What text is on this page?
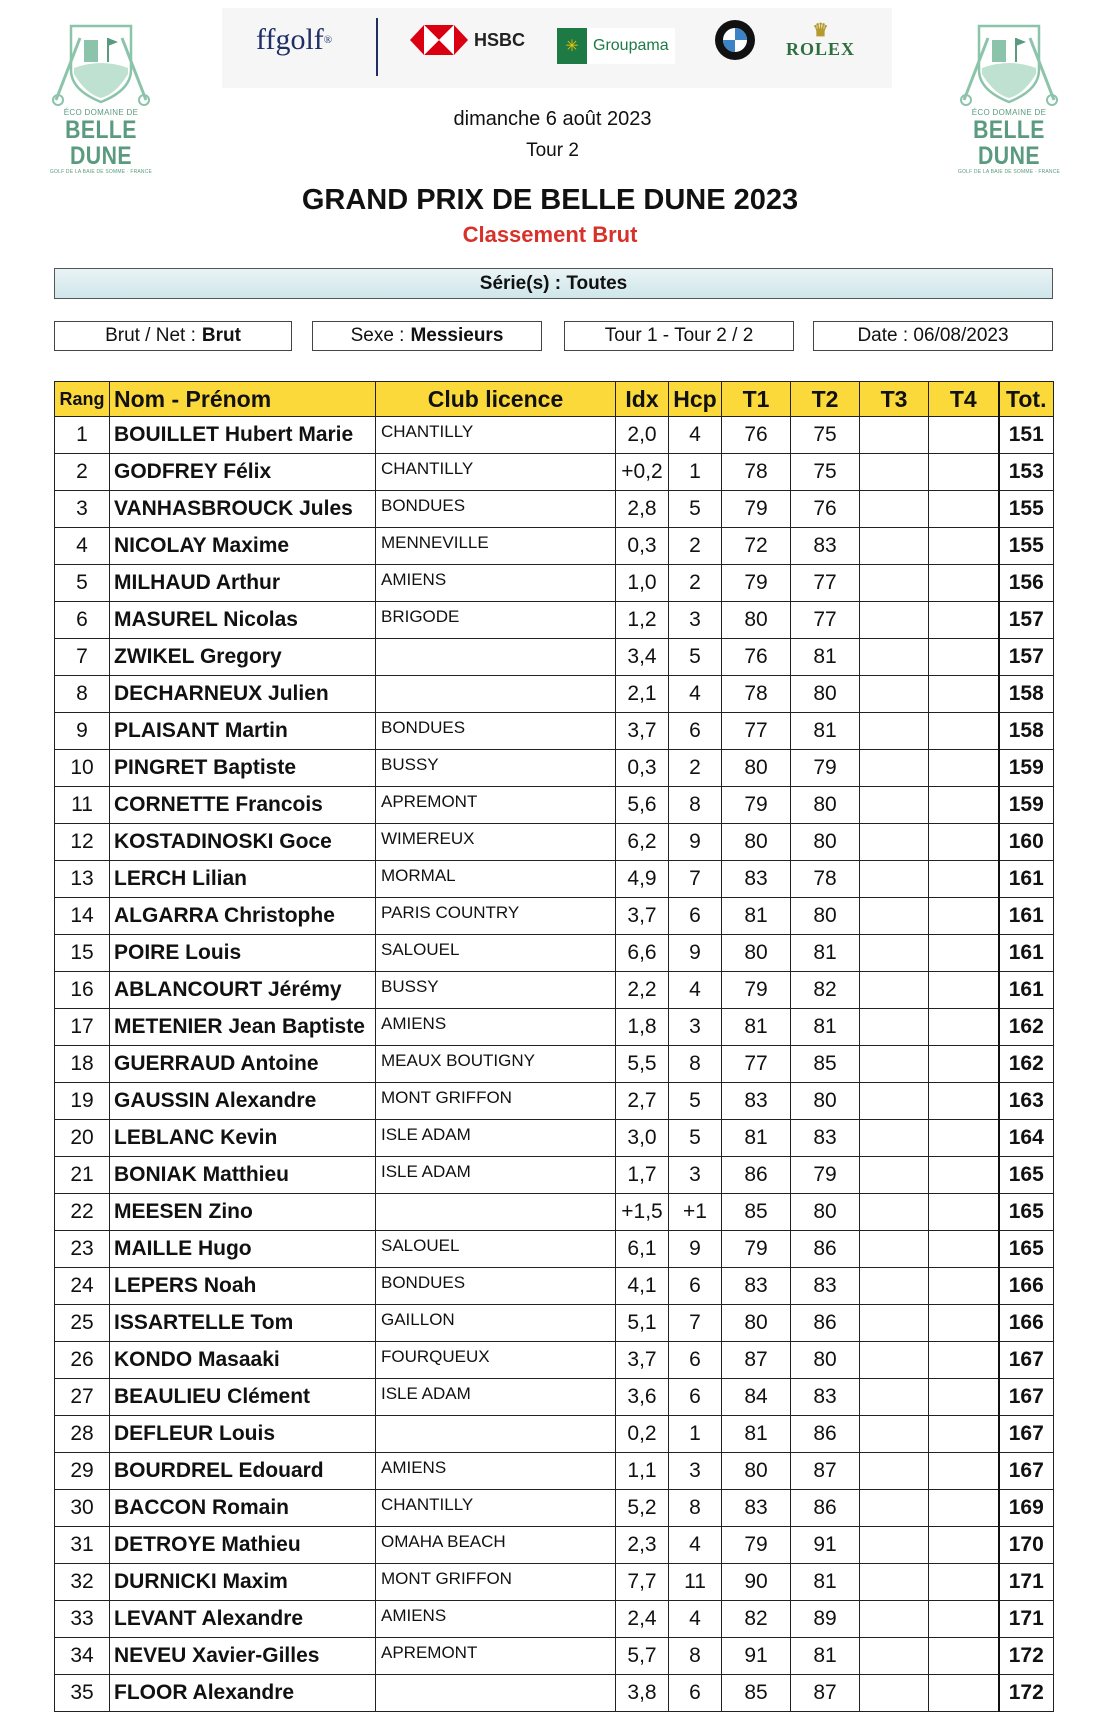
ÉCO DOMAINE DE
BELLE DUNE
GOLF DE LA BAIE DE SOMME · FRANCE
ÉCO DOMAINE DE
BELLE DUNE
GOLF DE LA BAIE DE SOMME · FRANCE
ffgolf ®	HSBC	✳ Groupama
♛
ROLEX
dimanche 6 août 2023
Tour 2
GRAND PRIX DE BELLE DUNE 2023
Classement Brut
Série(s) : Toutes
Brut / Net : Brut	Sexe : Messieurs	Tour 1 - Tour 2 / 2	Date : 06/08/2023
Rang	Nom - Prénom	Club licence	Idx	Hcp	T1	T2	T3	T4	Tot.
1	BOUILLET Hubert Marie	CHANTILLY	2,0	4	76	75			151
2	GODFREY Félix	CHANTILLY	+0,2	1	78	75			153
3	VANHASBROUCK Jules	BONDUES	2,8	5	79	76			155
4	NICOLAY Maxime	MENNEVILLE	0,3	2	72	83			155
5	MILHAUD Arthur	AMIENS	1,0	2	79	77			156
6	MASUREL Nicolas	BRIGODE	1,2	3	80	77			157
7	ZWIKEL Gregory		3,4	5	76	81			157
8	DECHARNEUX Julien		2,1	4	78	80			158
9	PLAISANT Martin	BONDUES	3,7	6	77	81			158
10	PINGRET Baptiste	BUSSY	0,3	2	80	79			159
11	CORNETTE Francois	APREMONT	5,6	8	79	80			159
12	KOSTADINOSKI Goce	WIMEREUX	6,2	9	80	80			160
13	LERCH Lilian	MORMAL	4,9	7	83	78			161
14	ALGARRA Christophe	PARIS COUNTRY	3,7	6	81	80			161
15	POIRE Louis	SALOUEL	6,6	9	80	81			161
16	ABLANCOURT Jérémy	BUSSY	2,2	4	79	82			161
17	METENIER Jean Baptiste	AMIENS	1,8	3	81	81			162
18	GUERRAUD Antoine	MEAUX BOUTIGNY	5,5	8	77	85			162
19	GAUSSIN Alexandre	MONT GRIFFON	2,7	5	83	80			163
20	LEBLANC Kevin	ISLE ADAM	3,0	5	81	83			164
21	BONIAK Matthieu	ISLE ADAM	1,7	3	86	79			165
22	MEESEN Zino		+1,5	+1	85	80			165
23	MAILLE Hugo	SALOUEL	6,1	9	79	86			165
24	LEPERS Noah	BONDUES	4,1	6	83	83			166
25	ISSARTELLE Tom	GAILLON	5,1	7	80	86			166
26	KONDO Masaaki	FOURQUEUX	3,7	6	87	80			167
27	BEAULIEU Clément	ISLE ADAM	3,6	6	84	83			167
28	DEFLEUR Louis		0,2	1	81	86			167
29	BOURDREL Edouard	AMIENS	1,1	3	80	87			167
30	BACCON Romain	CHANTILLY	5,2	8	83	86			169
31	DETROYE Mathieu	OMAHA BEACH	2,3	4	79	91			170
32	DURNICKI Maxim	MONT GRIFFON	7,7	11	90	81			171
33	LEVANT Alexandre	AMIENS	2,4	4	82	89			171
34	NEVEU Xavier-Gilles	APREMONT	5,7	8	91	81			172
35	FLOOR Alexandre		3,8	6	85	87			172
